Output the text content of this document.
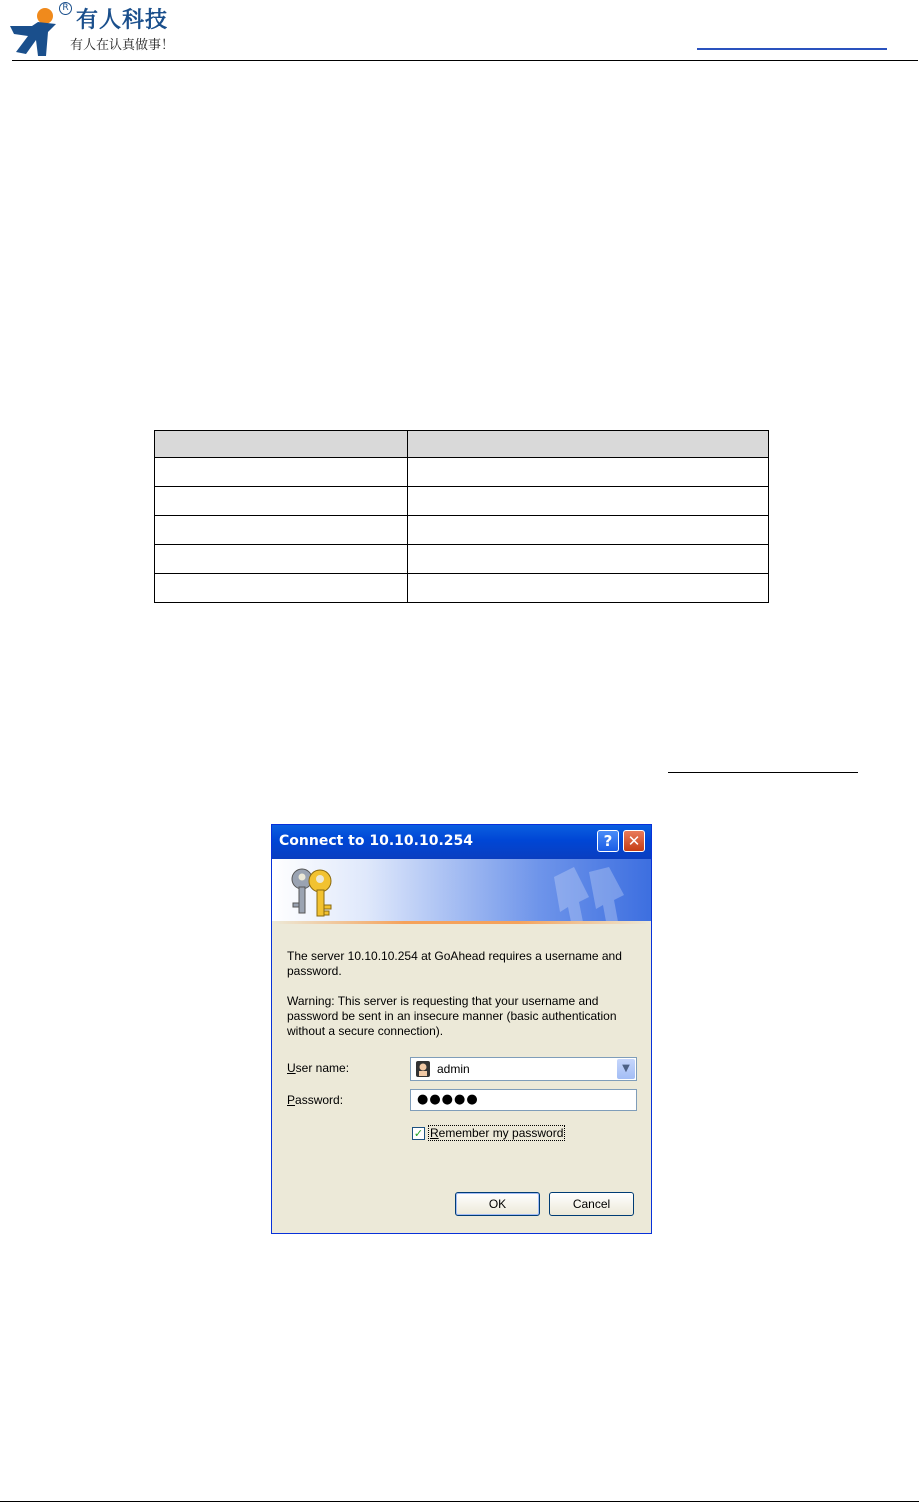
R 有人科技
有人在认真做事！

Connect to 10.10.10.254	?	✕
The server 10.10.10.254 at GoAhead requires a username and password.
Warning: This server is requesting that your username and password be sent in an insecure manner (basic authentication without a secure connection).
User name:	admin	▼
Password:	●●●●●
✓ Remember my password
OK	Cancel
